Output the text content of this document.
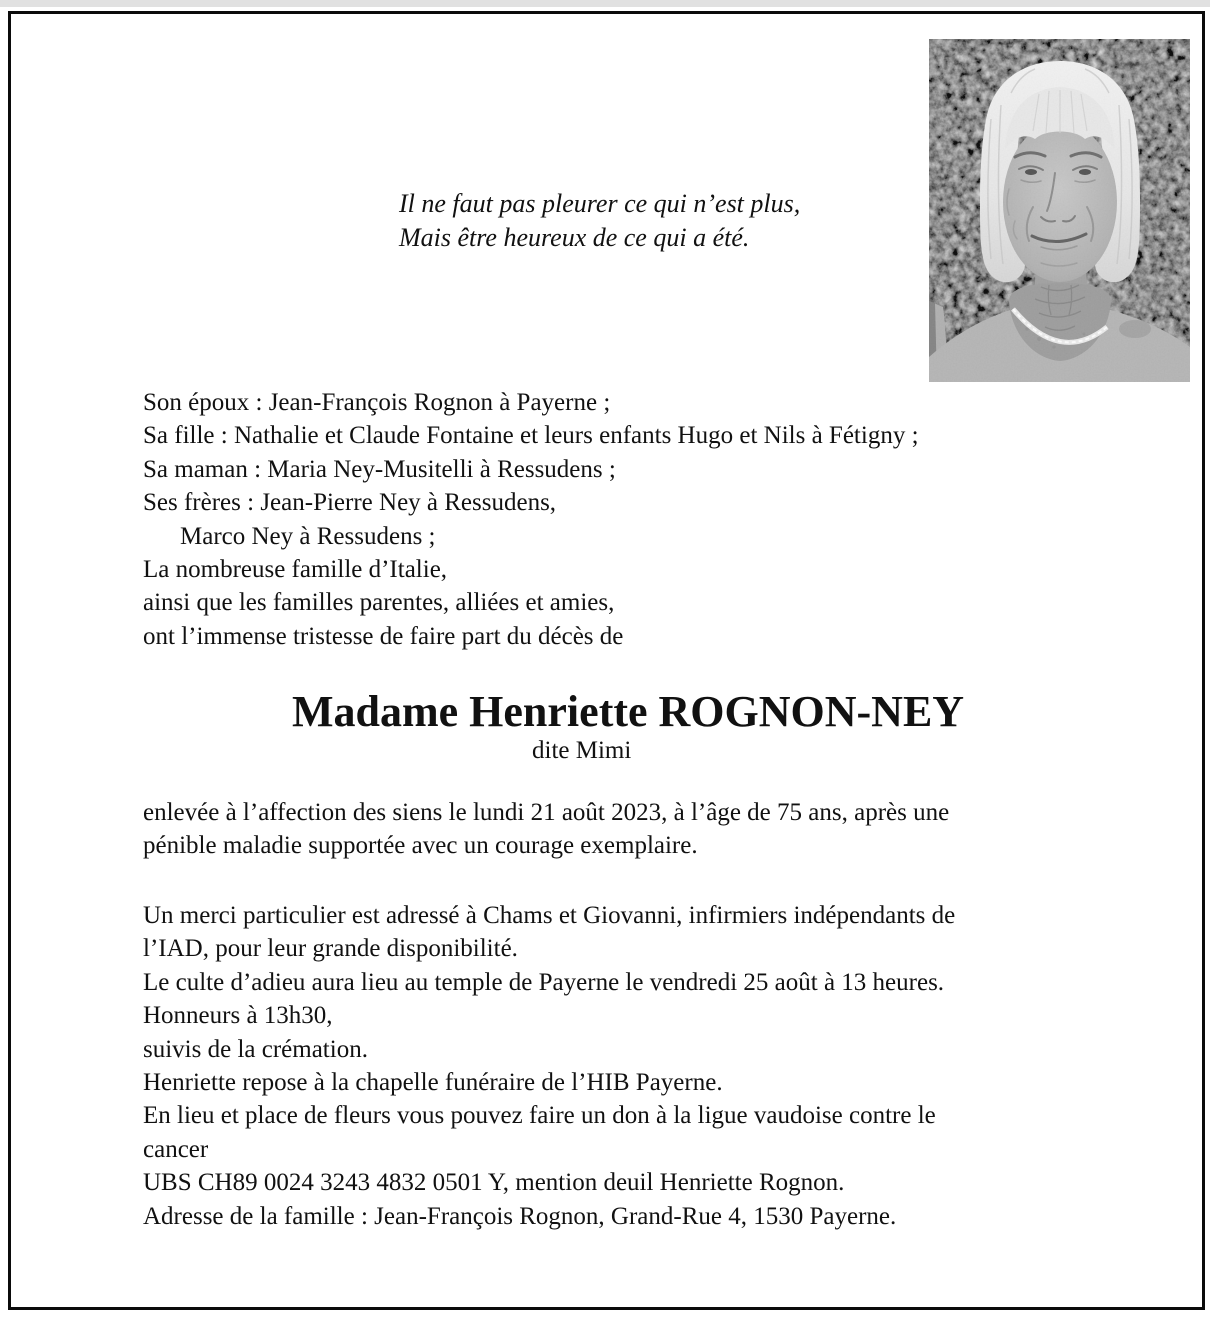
Il ne faut pas pleurer ce qui n’est plus,
Mais être heureux de ce qui a été.
Son époux : Jean-François Rognon à Payerne ;
Sa fille : Nathalie et Claude Fontaine et leurs enfants Hugo et Nils à Fétigny ;
Sa maman : Maria Ney-Musitelli à Ressudens ;
Ses frères : Jean-Pierre Ney à Ressudens,
Marco Ney à Ressudens ;
La nombreuse famille d’Italie,
ainsi que les familles parentes, alliées et amies,
ont l’immense tristesse de faire part du décès de
Madame Henriette ROGNON-NEY
dite Mimi
enlevée à l’affection des siens le lundi 21 août 2023, à l’âge de 75 ans, après une
pénible maladie supportée avec un courage exemplaire.
Un merci particulier est adressé à Chams et Giovanni, infirmiers indépendants de
l’IAD, pour leur grande disponibilité.
Le culte d’adieu aura lieu au temple de Payerne le vendredi 25 août à 13 heures.
Honneurs à 13h30,
suivis de la crémation.
Henriette repose à la chapelle funéraire de l’HIB Payerne.
En lieu et place de fleurs vous pouvez faire un don à la ligue vaudoise contre le
cancer
UBS CH89 0024 3243 4832 0501 Y, mention deuil Henriette Rognon.
Adresse de la famille : Jean-François Rognon, Grand-Rue 4, 1530 Payerne.
